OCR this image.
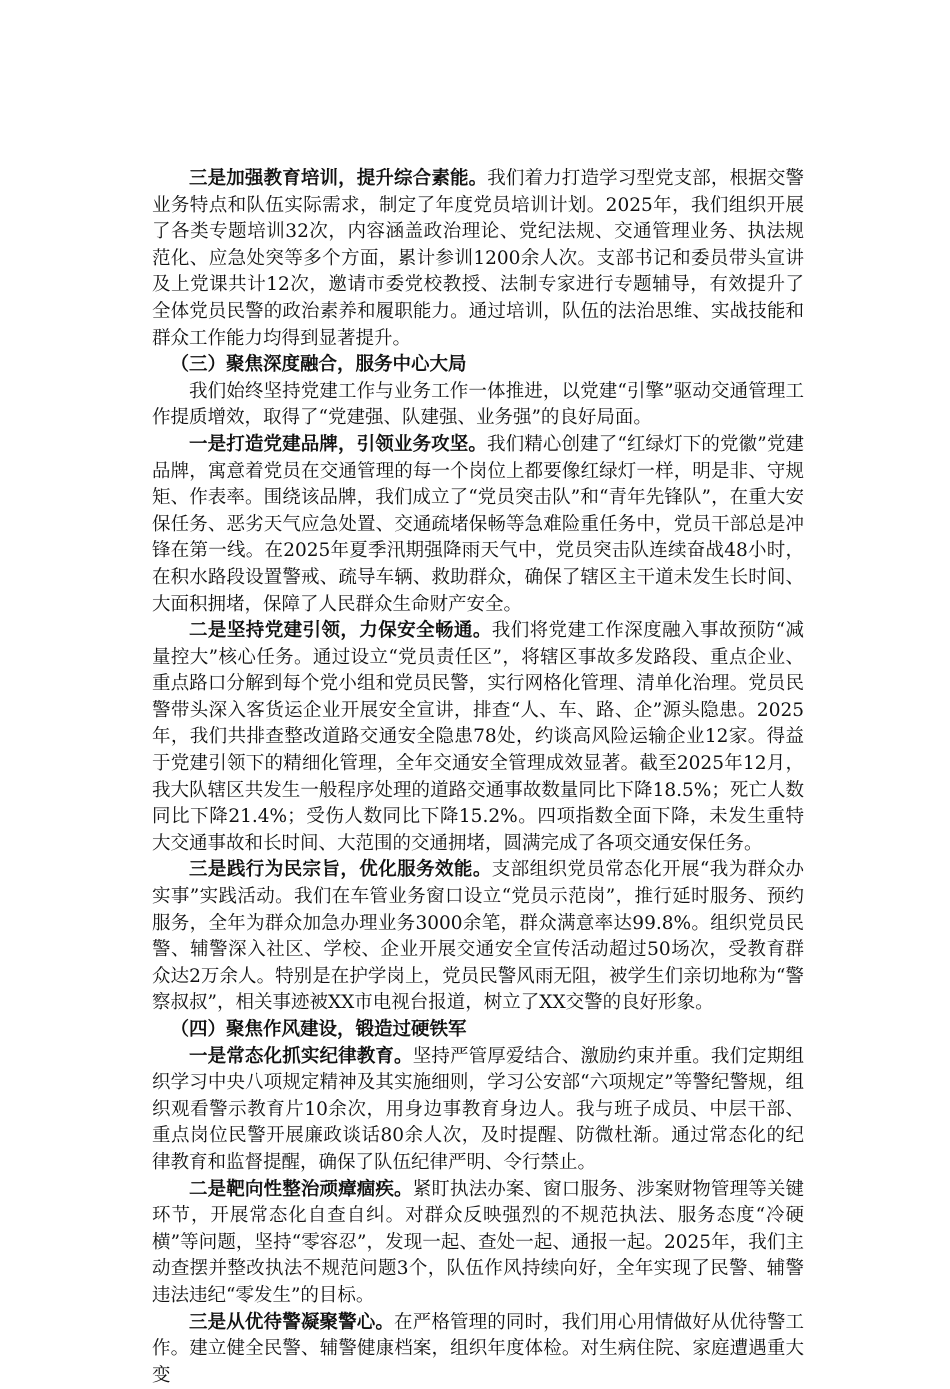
三是加强教育培训，提升综合素能。我们着力打造学习型党支部，根据交警业务特点和队伍实际需求，制定了年度党员培训计划。2025年，我们组织开展了各类专题培训32次，内容涵盖政治理论、党纪法规、交通管理业务、执法规范化、应急处突等多个方面，累计参训1200余人次。支部书记和委员带头宣讲及上党课共计12次，邀请市委党校教授、法制专家进行专题辅导，有效提升了全体党员民警的政治素养和履职能力。通过培训，队伍的法治思维、实战技能和群众工作能力均得到显著提升。

（三）聚焦深度融合，服务中心大局

我们始终坚持党建工作与业务工作一体推进，以党建“引擎”驱动交通管理工作提质增效，取得了“党建强、队建强、业务强”的良好局面。

一是打造党建品牌，引领业务攻坚。我们精心创建了“红绿灯下的党徽”党建品牌，寓意着党员在交通管理的每一个岗位上都要像红绿灯一样，明是非、守规矩、作表率。围绕该品牌，我们成立了“党员突击队”和“青年先锋队”，在重大安保任务、恶劣天气应急处置、交通疏堵保畅等急难险重任务中，党员干部总是冲锋在第一线。在2025年夏季汛期强降雨天气中，党员突击队连续奋战48小时，在积水路段设置警戒、疏导车辆、救助群众，确保了辖区主干道未发生长时间、大面积拥堵，保障了人民群众生命财产安全。

二是坚持党建引领，力保安全畅通。我们将党建工作深度融入事故预防“减量控大”核心任务。通过设立“党员责任区”，将辖区事故多发路段、重点企业、重点路口分解到每个党小组和党员民警，实行网格化管理、清单化治理。党员民警带头深入客货运企业开展安全宣讲，排查“人、车、路、企”源头隐患。2025年，我们共排查整改道路交通安全隐患78处，约谈高风险运输企业12家。得益于党建引领下的精细化管理，全年交通安全管理成效显著。截至2025年12月，我大队辖区共发生一般程序处理的道路交通事故数量同比下降18.5%；死亡人数同比下降21.4%；受伤人数同比下降15.2%。四项指数全面下降，未发生重特大交通事故和长时间、大范围的交通拥堵，圆满完成了各项交通安保任务。

三是践行为民宗旨，优化服务效能。支部组织党员常态化开展“我为群众办实事”实践活动。我们在车管业务窗口设立“党员示范岗”，推行延时服务、预约服务，全年为群众加急办理业务3000余笔，群众满意率达99.8%。组织党员民警、辅警深入社区、学校、企业开展交通安全宣传活动超过50场次，受教育群众达2万余人。特别是在护学岗上，党员民警风雨无阻，被学生们亲切地称为“警察叔叔”，相关事迹被XX市电视台报道，树立了XX交警的良好形象。

（四）聚焦作风建设，锻造过硬铁军

一是常态化抓实纪律教育。坚持严管厚爱结合、激励约束并重。我们定期组织学习中央八项规定精神及其实施细则，学习公安部“六项规定”等警纪警规，组织观看警示教育片10余次，用身边事教育身边人。我与班子成员、中层干部、重点岗位民警开展廉政谈话80余人次，及时提醒、防微杜渐。通过常态化的纪律教育和监督提醒，确保了队伍纪律严明、令行禁止。

二是靶向性整治顽瘴痼疾。紧盯执法办案、窗口服务、涉案财物管理等关键环节，开展常态化自查自纠。对群众反映强烈的不规范执法、服务态度“冷硬横”等问题，坚持“零容忍”，发现一起、查处一起、通报一起。2025年，我们主动查摆并整改执法不规范问题3个，队伍作风持续向好，全年实现了民警、辅警违法违纪“零发生”的目标。

三是从优待警凝聚警心。在严格管理的同时，我们用心用情做好从优待警工作。建立健全民警、辅警健康档案，组织年度体检。对生病住院、家庭遭遇重大变
